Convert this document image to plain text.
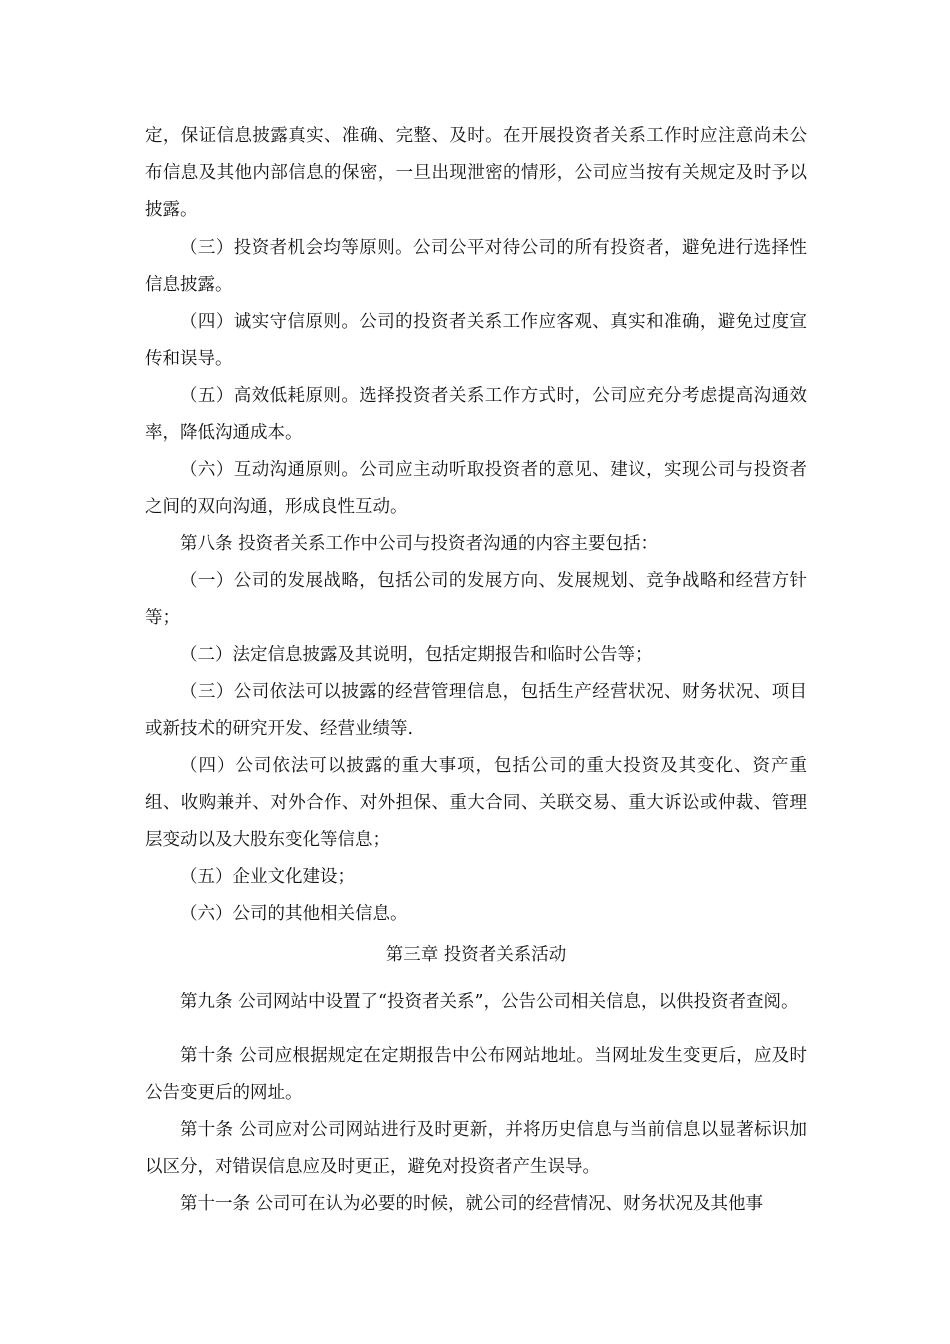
定，保证信息披露真实、准确、完整、及时。在开展投资者关系工作时应注意尚未公布信息及其他内部信息的保密，一旦出现泄密的情形，公司应当按有关规定及时予以披露。

（三）投资者机会均等原则。公司公平对待公司的所有投资者，避免进行选择性信息披露。

（四）诚实守信原则。公司的投资者关系工作应客观、真实和准确，避免过度宣传和误导。

（五）高效低耗原则。选择投资者关系工作方式时，公司应充分考虑提高沟通效率，降低沟通成本。

（六）互动沟通原则。公司应主动听取投资者的意见、建议，实现公司与投资者之间的双向沟通，形成良性互动。

第八条 投资者关系工作中公司与投资者沟通的内容主要包括：

（一）公司的发展战略，包括公司的发展方向、发展规划、竞争战略和经营方针等；

（二）法定信息披露及其说明，包括定期报告和临时公告等；

（三）公司依法可以披露的经营管理信息，包括生产经营状况、财务状况、项目或新技术的研究开发、经营业绩等.

（四）公司依法可以披露的重大事项，包括公司的重大投资及其变化、资产重组、收购兼并、对外合作、对外担保、重大合同、关联交易、重大诉讼或仲裁、管理层变动以及大股东变化等信息；

（五）企业文化建设；

（六）公司的其他相关信息。

第三章 投资者关系活动

第九条 公司网站中设置了“投资者关系”，公告公司相关信息，以供投资者查阅。

第十条 公司应根据规定在定期报告中公布网站地址。当网址发生变更后，应及时公告变更后的网址。

第十条 公司应对公司网站进行及时更新，并将历史信息与当前信息以显著标识加以区分，对错误信息应及时更正，避免对投资者产生误导。

第十一条 公司可在认为必要的时候，就公司的经营情况、财务状况及其他事
